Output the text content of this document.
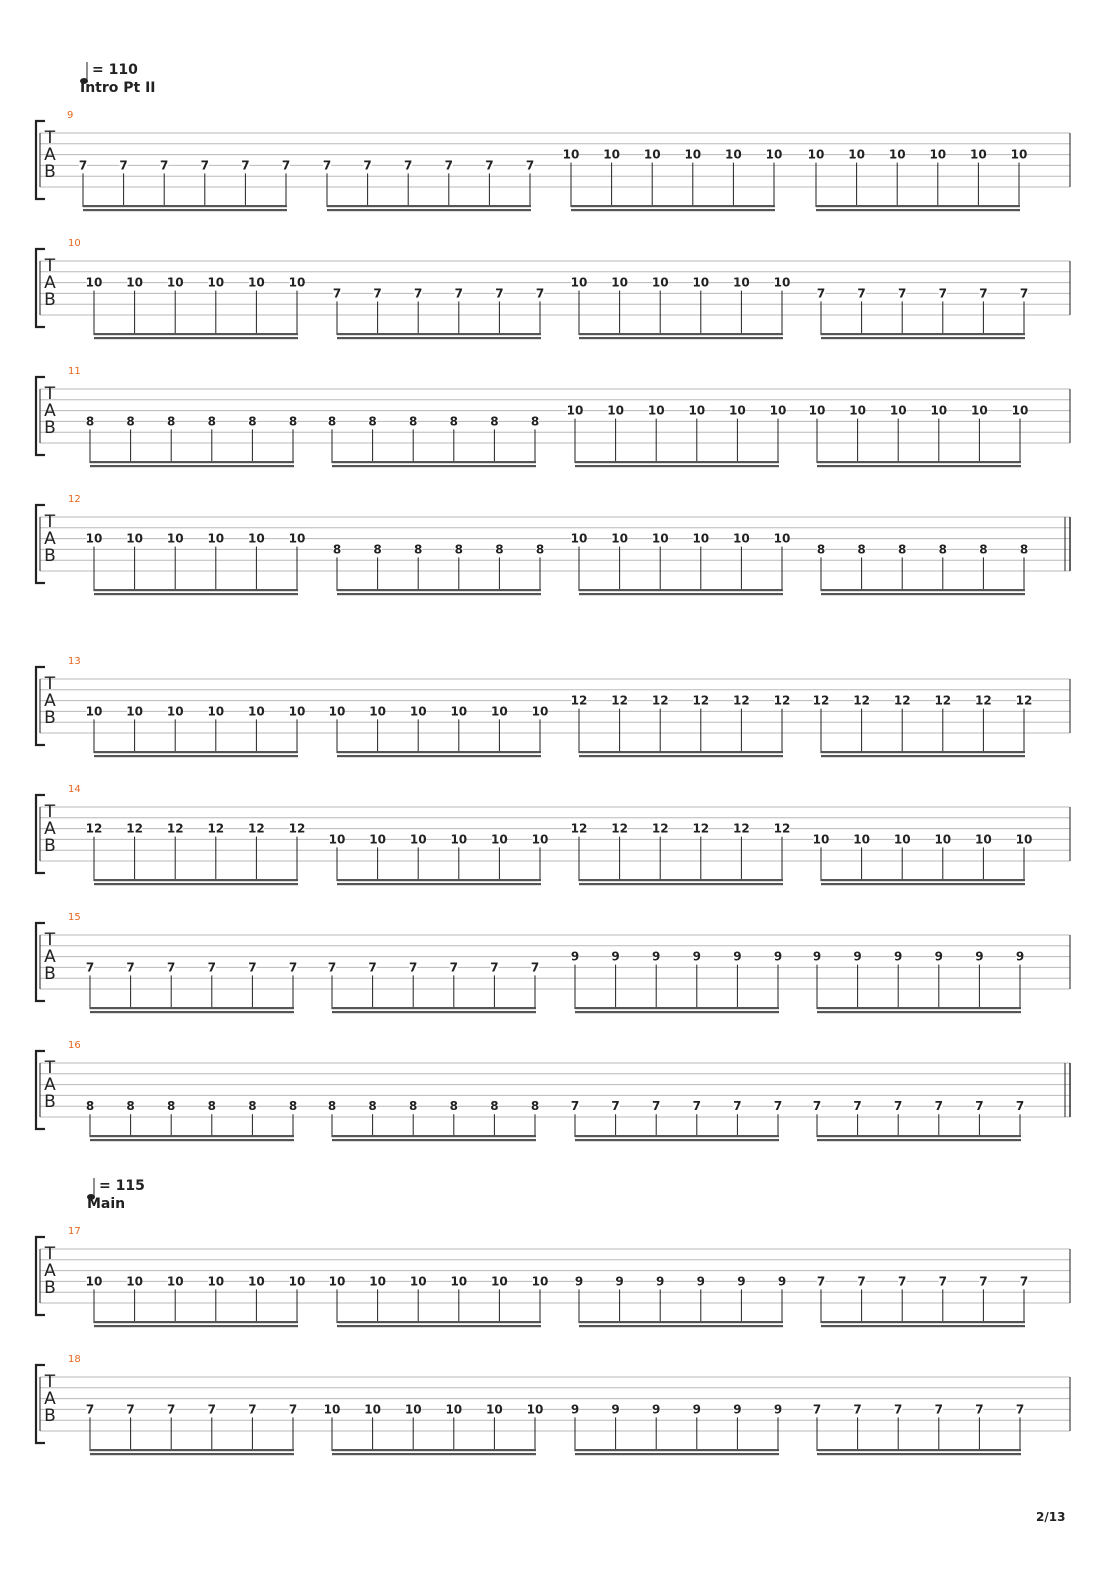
= 110
Intro Pt II
= 115
Main
9
T
A
B 7	7	7	7	7	7	7	7	7	7	7	7
10 10 10 10 10 10 10 10 10 10 10 10
10
T
A
B
10 10 10 10 10 10
7	7	7	7	7	7
10 10 10 10 10 10
7	7	7	7	7	7
11
T
A
B 8	8	8	8	8	8	8	8	8	8	8	8
10 10 10 10 10 10 10 10 10 10 10 10
12
T
A
B
10 10 10 10 10 10
8	8	8	8	8	8
10 10 10 10 10 10
8	8	8	8	8	8
13
T
A
B 10 10 10 10 10 10 10 10 10 10 10 10
12 12 12 12 12 12 12 12 12 12 12 12
14
T
A
B
12 12 12 12 12 12
10 10 10 10 10 10
12 12 12 12 12 12
10 10 10 10 10 10
15
T
A
B 7	7	7	7	7	7	7	7	7	7	7	7
9	9	9	9	9	9	9	9	9	9	9	9
16
T
A
B 8	8	8	8	8	8	8	8	8	8	8	8	7	7	7	7	7	7	7	7	7	7	7	7
17
T
A
B 10 10 10 10 10 10 10 10 10 10 10 10 9	9	9	9	9	9	7	7	7	7	7	7
18
T
A
B 7	7	7	7	7	7 10 10 10 10 10 10 9	9	9	9	9	9	7	7	7	7	7	7
2/13
